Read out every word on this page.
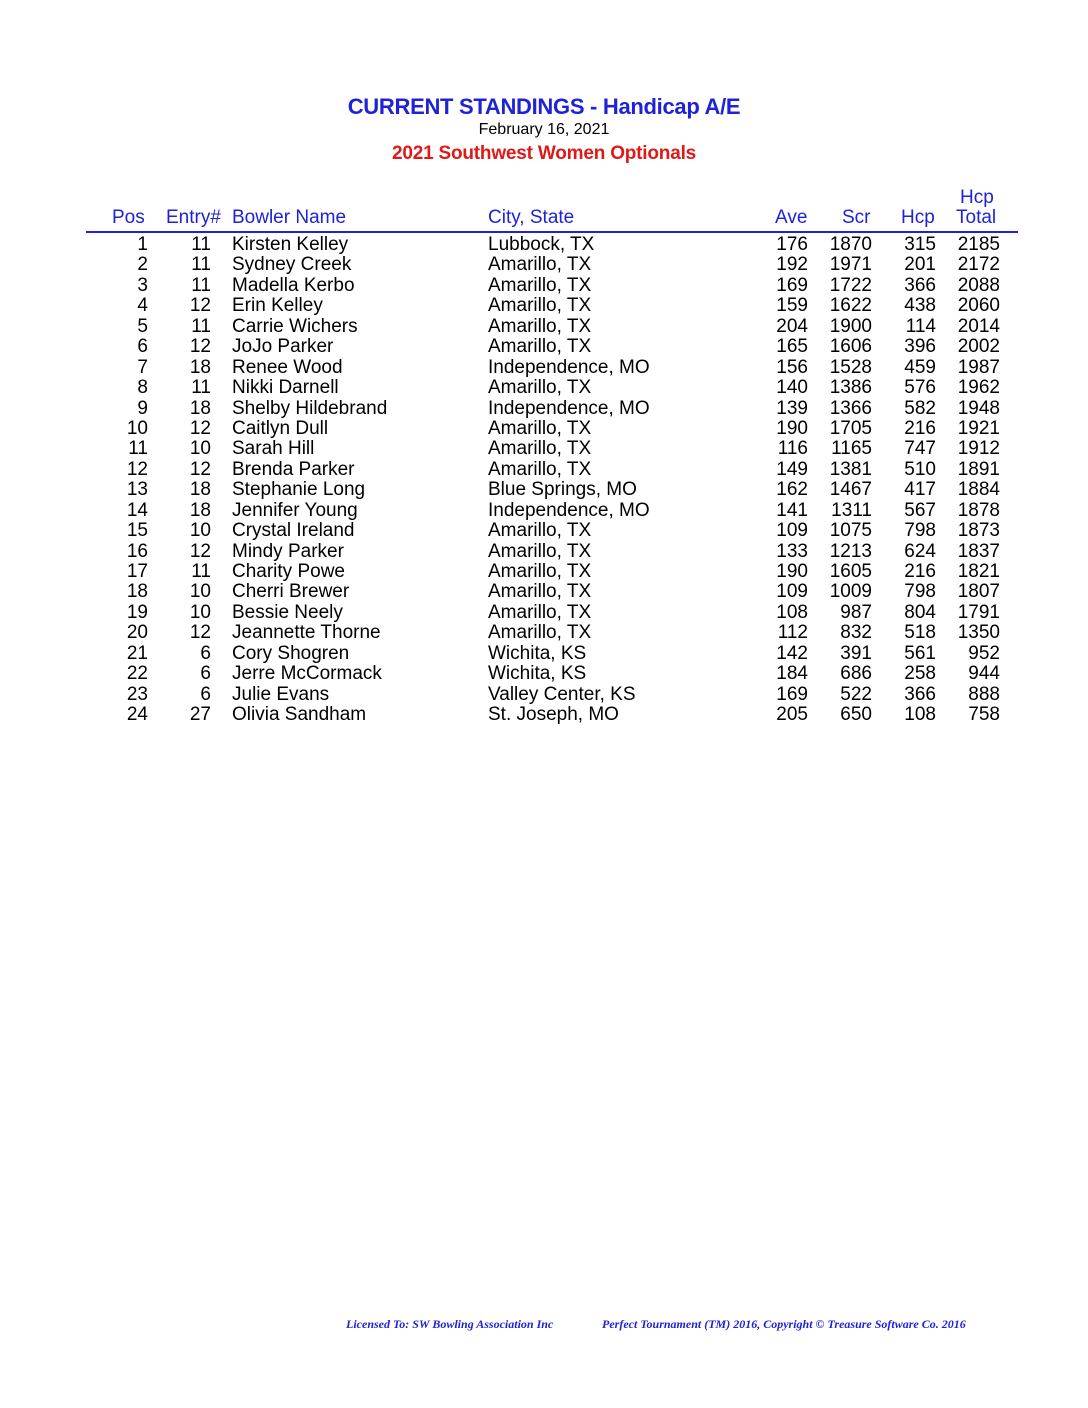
CURRENT STANDINGS - Handicap A/E
February 16, 2021
2021 Southwest Women Optionals
Pos Entry# Bowler Name	City, State	Ave Scr Hcp
Hcp
Total
1 11 Kirsten Kelley	Lubbock, TX	176 1870 315 2185
2 11 Sydney Creek	Amarillo, TX	192 1971 201 2172
3 11 Madella Kerbo	Amarillo, TX	169 1722 366 2088
4 12 Erin Kelley	Amarillo, TX	159 1622 438 2060
5 11 Carrie Wichers	Amarillo, TX	204 1900 114 2014
6 12 JoJo Parker	Amarillo, TX	165 1606 396 2002
7 18 Renee Wood	Independence, MO	156 1528 459 1987
8 11 Nikki Darnell	Amarillo, TX	140 1386 576 1962
9 18 Shelby Hildebrand	Independence, MO	139 1366 582 1948
10 12 Caitlyn Dull	Amarillo, TX	190 1705 216 1921
11 10 Sarah Hill	Amarillo, TX	116 1165 747 1912
12 12 Brenda Parker	Amarillo, TX	149 1381 510 1891
13 18 Stephanie Long	Blue Springs, MO	162 1467 417 1884
14 18 Jennifer Young	Independence, MO	141 1311 567 1878
15 10 Crystal Ireland	Amarillo, TX	109 1075 798 1873
16 12 Mindy Parker	Amarillo, TX	133 1213 624 1837
17 11 Charity Powe	Amarillo, TX	190 1605 216 1821
18 10 Cherri Brewer	Amarillo, TX	109 1009 798 1807
19 10 Bessie Neely	Amarillo, TX	108 987 804 1791
20 12 Jeannette Thorne	Amarillo, TX	112 832 518 1350
21	6 Cory Shogren	Wichita, KS	142 391 561 952
22	6 Jerre McCormack	Wichita, KS	184 686 258 944
23	6 Julie Evans	Valley Center, KS	169 522 366 888
24 27 Olivia Sandham	St. Joseph, MO	205 650 108 758
Licensed To: SW Bowling Association Inc	Perfect Tournament (TM) 2016, Copyright © Treasure Software Co. 2016
